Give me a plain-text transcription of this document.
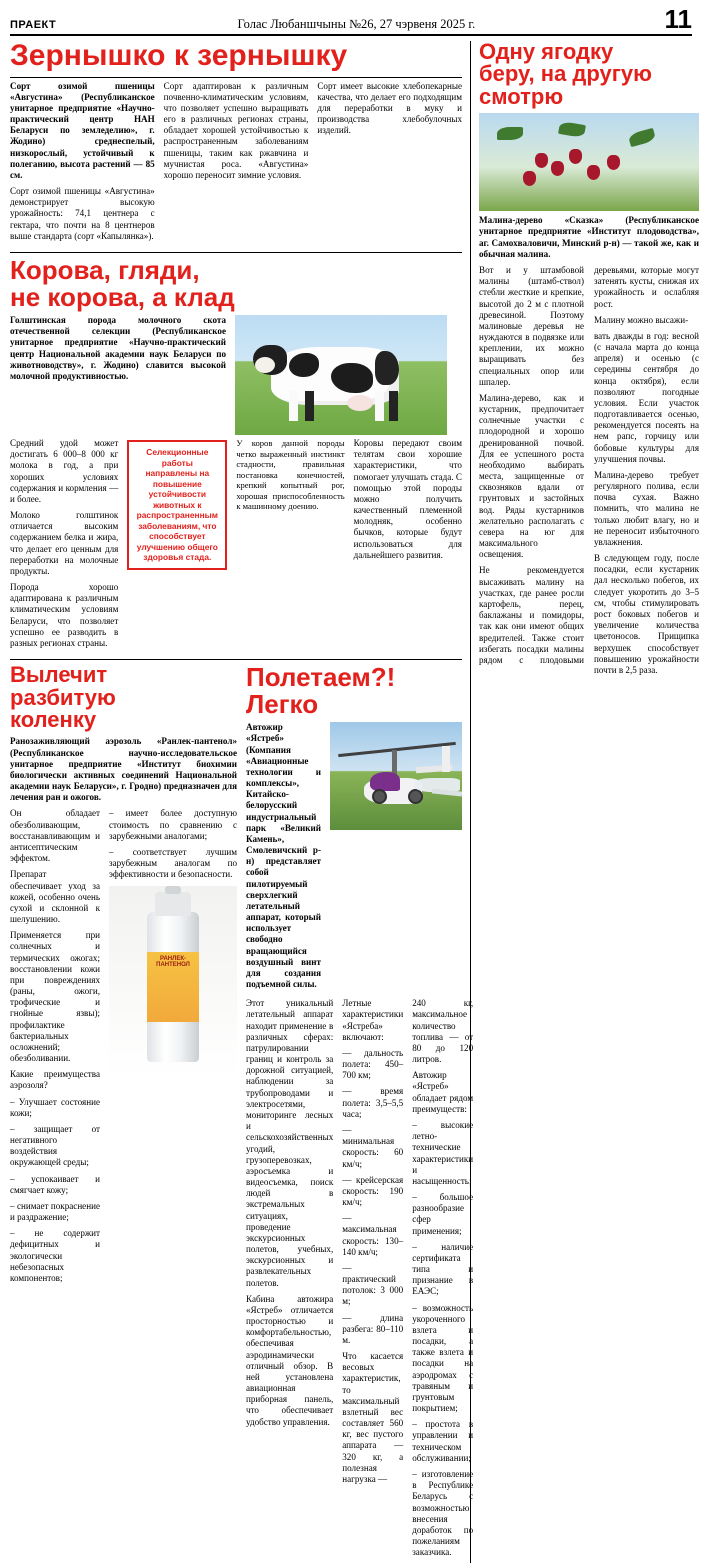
ПРАЕКТ	Голас Любаншчыны №26, 27 чэрвеня 2025 г.	11
Зернышко к зернышку

Сорт озимой пшеницы «Августина» (Республиканское унитарное предприятие «Научно-практический центр НАН Беларуси по земледелию», г. Жодино) среднеспелый, низкорослый, устойчивый к полеганию, высота растений — 85 см.

Сорт озимой пшеницы «Августина» демонстрирует высокую урожайность: 74,1 центнера с гектара, что почти на 8 центнеров выше стандарта (сорт «Капылянка»).

Сорт адаптирован к различным почвенно-климатическим условиям, что позволяет успешно выращивать его в различных регионах страны, обладает хорошей устойчивостью к распространенным заболеваниям пшеницы, таким как ржавчина и мучнистая роса. «Августина» хорошо переносит зимние условия.

Сорт имеет высокие хлебопекарные качества, что делает его подходящим для переработки в муку и производства хлебобулочных изделий.

Корова, гляди,
не корова, а клад

Голштинская порода молочного скота отечественной селекции (Республиканское унитарное предприятие «Научно-практический центр Национальной академии наук Беларуси по животноводству», г. Жодино) славится высокой молочной продуктивностью.

Средний удой может достигать 6 000–8 000 кг молока в год, а при хороших условиях содержания и кормления — и более.

Молоко голштинок отличается высоким содержанием белка и жира, что делает его ценным для переработки на молочные продукты.

Порода хорошо адаптирована к различным климатическим условиям Беларуси, что позволяет успешно ее разводить в разных регионах страны.

Селекционные работы направлены на повышение устойчивости животных к распространенным заболеваниям, что способствует улучшению общего здоровья стада.

У коров данной породы четко выраженный инстинкт стадности, правильная постановка конечностей, крепкий копытный рог, хорошая приспособленность к машинному доению.

Коровы передают своим телятам свои хорошие характеристики, что помогает улучшать стада. С помощью этой породы можно получить качественный племенной молодняк, особенно бычков, которые будут использоваться для дальнейшего развития.

Вылечит
разбитую
коленку

Ранозаживляющий аэрозоль «Ранлек-пантенол» (Республиканское научно-исследовательское унитарное предприятие «Институт биохимии биологически активных соединений Национальной академии наук Беларуси», г. Гродно) предназначен для лечения ран и ожогов.

Он обладает обезболивающим, восстанавливающим и антисептическим эффектом.

Препарат обеспечивает уход за кожей, особенно очень сухой и склонной к шелушению.

Применяется при солнечных и термических ожогах; восстановлении кожи при повреждениях (раны, ожоги, трофические и гнойные язвы); профилактике бактериальных осложнений; обезболивании.

Какие преимущества аэрозоля?

– Улучшает состояние кожи;

– защищает от негативного воздействия окружающей среды;

– успокаивает и смягчает кожу;

– снимает покраснение и раздражение;

– не содержит дефицитных и экологически небезопасных компонентов;

– имеет более доступную стоимость по сравнению с зарубежными аналогами;

– соответствует лучшим зарубежным аналогам по эффективности и безопасности.

РАНЛЕК-ПАНТЕНОЛ
Полетаем?! Легко

Автожир «Ястреб» (Компания «Авиационные технологии и комплексы», Китайско-белорусский индустриальный парк «Великий Камень», Смолевичский р-н) представляет собой пилотируемый сверхлегкий летательный аппарат, который использует свободно вращающийся воздушный винт для создания подъемной силы.

Этот уникальный летательный аппарат находит применение в различных сферах: патрулировании границ и контроль за дорожной ситуацией, наблюдении за трубопроводами и электросетями, мониторинге лесных и сельскохозяйственных угодий, грузоперевозках, аэросъемка и видеосъемка, поиск людей в экстремальных ситуациях, проведение экскурсионных полетов, учебных, экскурсионных и развлекательных полетов.

Кабина автожира «Ястреб» отличается просторностью и комфортабельностью, обеспечивая аэродинамически отличный обзор. В ней установлена авиационная приборная панель, что обеспечивает удобство управления.

Летные характеристики «Ястреба» включают:

— дальность полета: 450–700 км;

— время полета: 3,5–5,5 часа;

— минимальная скорость: 60 км/ч;

— крейсерская скорость: 190 км/ч;

— максимальная скорость: 130–140 км/ч;

— практический потолок: 3 000 м;

— длина разбега: 80–110 м.

Что касается весовых характеристик, то максимальный взлетный вес составляет 560 кг, вес пустого аппарата — 320 кг, а полезная нагрузка —

240 кг, максимальное количество топлива — от 80 до 120 литров.

Автожир «Ястреб» обладает рядом преимуществ:

– высокие летно-технические характеристики и насыщенность;

– большое разнообразие сфер применения;

– наличие сертификата типа и признание в ЕАЭС;

– возможность укороченного взлета и посадки, а также взлета и посадки на аэродромах с травяным и грунтовым покрытием;

– простота в управлении и техническом обслуживании;

– изготовление в Республике Беларусь с возможностью внесения доработок по пожеланиям заказчика.

Одну ягодку
беру, на другую
смотрю

Малина-дерево «Сказка» (Республиканское унитарное предприятие «Институт плодоводства», аг. Самохваловичи, Минский р-н) — такой же, как и обычная малина.

Вот и у штамбовой малины (штамб-ствол) стебли жесткие и крепкие, высотой до 2 м с плотной древесиной. Поэтому малиновые деревья не нуждаются в подвязке или креплении, их можно выращивать без специальных опор или шпалер.

Малина-дерево, как и кустарник, предпочитает солнечные участки с плодородной и хорошо дренированной почвой. Для ее успешного роста необходимо выбирать места, защищенные от сквозняков вдали от грунтовых и застойных вод. Ряды кустарников желательно располагать с севера на юг для максимального освещения.

Не рекомендуется высаживать малину на участках, где ранее росли картофель, перец, баклажаны и помидоры, так как они имеют общих вредителей. Также стоит избегать посадки малины рядом с плодовыми деревьями, которые могут затенять кусты, снижая их урожайность и ослабляя рост.

Малину можно высажи-

вать дважды в год: весной (с начала марта до конца апреля) и осенью (с середины сентября до конца октября), если позволяют погодные условия. Если участок подготавливается осенью, рекомендуется посеять на нем рапс, горчицу или бобовые культуры для улучшения почвы.

Малина-дерево требует регулярного полива, если почва сухая. Важно помнить, что малина не только любит влагу, но и не переносит избыточного увлажнения.

В следующем году, после посадки, если кустарник дал несколько побегов, их следует укоротить до 3–5 см, чтобы стимулировать рост боковых побегов и увеличение количества цветоносов. Прищипка верхушек способствует повышению урожайности почти в 2,5 раза.
